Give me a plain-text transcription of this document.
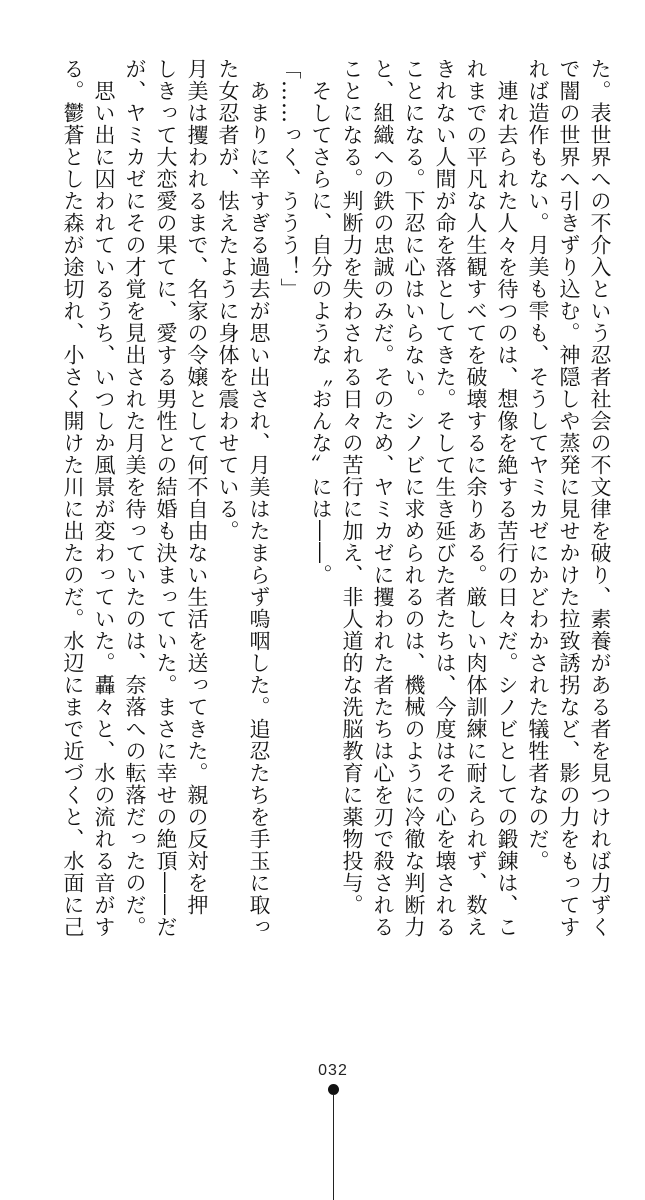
た。表世界への不介入という忍者社会の不文律を破り、素養がある者を見つければ力ずく
で闇の世界へ引きずり込む。神隠しや蒸発に見せかけた拉致誘拐など、影の力をもってす
れば造作もない。月美も雫も、そうしてヤミカゼにかどわかされた犠牲者なのだ。
　連れ去られた人々を待つのは、想像を絶する苦行の日々だ。シノビとしての鍛錬は、こ
れまでの平凡な人生観すべてを破壊するに余りある。厳しい肉体訓練に耐えられず、数え
きれない人間が命を落としてきた。そして生き延びた者たちは、今度はその心を壊される
ことになる。下忍に心はいらない。シノビに求められるのは、機械のように冷徹な判断力
と、組織への鉄の忠誠のみだ。そのため、ヤミカゼに攫われた者たちは心を刃で殺される
ことになる。判断力を失わされる日々の苦行に加え、非人道的な洗脳教育に薬物投与。
　そしてさらに、自分のような〝おんな〟には――。
「……っく、ううう！」
　あまりに辛すぎる過去が思い出され、月美はたまらず嗚咽した。追忍たちを手玉に取っ
た女忍者が、怯えたように身体を震わせている。
月美は攫われるまで、名家の令嬢として何不自由ない生活を送ってきた。親の反対を押
しきって大恋愛の果てに、愛する男性との結婚も決まっていた。まさに幸せの絶頂――だ
が、ヤミカゼにその才覚を見出された月美を待っていたのは、奈落への転落だったのだ。
　思い出に囚われているうち、いつしか風景が変わっていた。轟々と、水の流れる音がす
る。鬱蒼とした森が途切れ、小さく開けた川に出たのだ。水辺にまで近づくと、水面に己
032
